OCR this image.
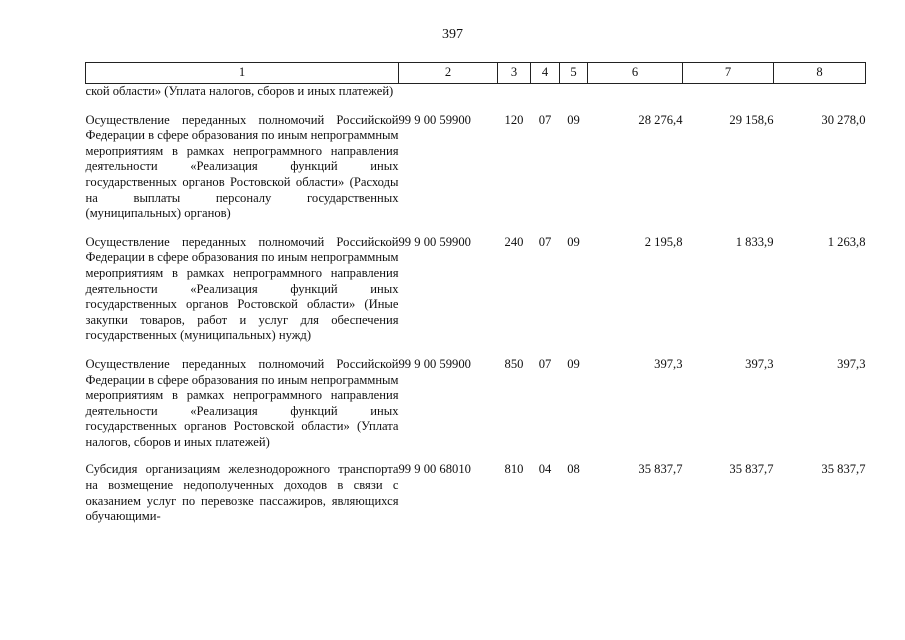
397
1	2	3	4	5	6	7	8

ской области» (Уплата налогов, сборов и иных платежей)							

Осуществление переданных полномочий Российской Федерации в сфере образования по иным непрограммным мероприятиям в рамках непрограммного направления деятельности «Реализация функций иных государственных органов Ростовской области» (Расходы на выплаты персоналу государственных (муниципальных) органов)	99 9 00 59900	120	07	09	28 276,4	29 158,6	30 278,0

Осуществление переданных полномочий Российской Федерации в сфере образования по иным непрограммным мероприятиям в рамках непрограммного направления деятельности «Реализация функций иных государственных органов Ростовской области» (Иные закупки товаров, работ и услуг для обеспечения государственных (муниципальных) нужд)	99 9 00 59900	240	07	09	2 195,8	1 833,9	1 263,8

Осуществление переданных полномочий Российской Федерации в сфере образования по иным непрограммным мероприятиям в рамках непрограммного направления деятельности «Реализация функций иных государственных органов Ростовской области» (Уплата налогов, сборов и иных платежей)	99 9 00 59900	850	07	09	397,3	397,3	397,3

Субсидия организациям железнодорожного транспорта на возмещение недополученных доходов в связи с оказанием услуг по перевозке пассажиров, являющихся обучающими-	99 9 00 68010	810	04	08	35 837,7	35 837,7	35 837,7
